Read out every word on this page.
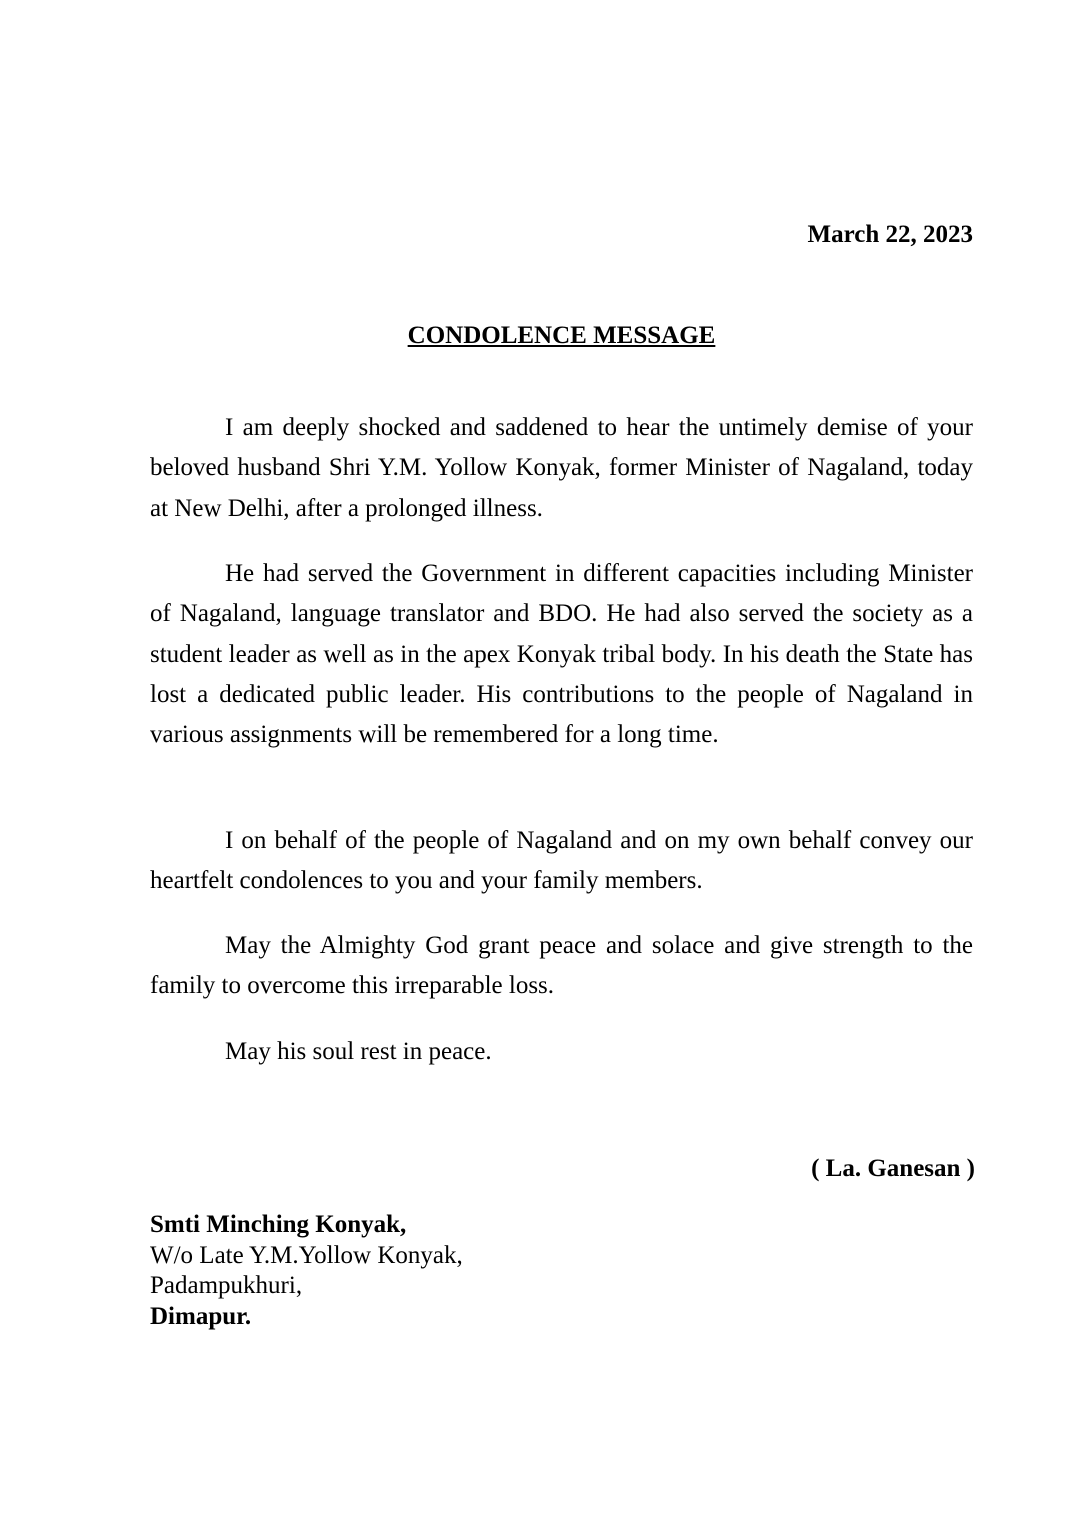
March 22, 2023
CONDOLENCE MESSAGE

I am deeply shocked and saddened to hear the untimely demise of your beloved husband Shri Y.M. Yollow Konyak, former Minister of Nagaland, today at New Delhi, after a prolonged illness.

He had served the Government in different capacities including Minister of Nagaland, language translator and BDO. He had also served the society as a student leader as well as in the apex Konyak tribal body. In his death the State has lost a dedicated public leader. His contributions to the people of Nagaland in various assignments will be remembered for a long time.

I on behalf of the people of Nagaland and on my own behalf convey our heartfelt condolences to you and your family members.

May the Almighty God grant peace and solace and give strength to the family to overcome this irreparable loss.

May his soul rest in peace.

( La. Ganesan )
Smti Minching Konyak,
W/o Late Y.M.Yollow Konyak,
Padampukhuri,
Dimapur.
